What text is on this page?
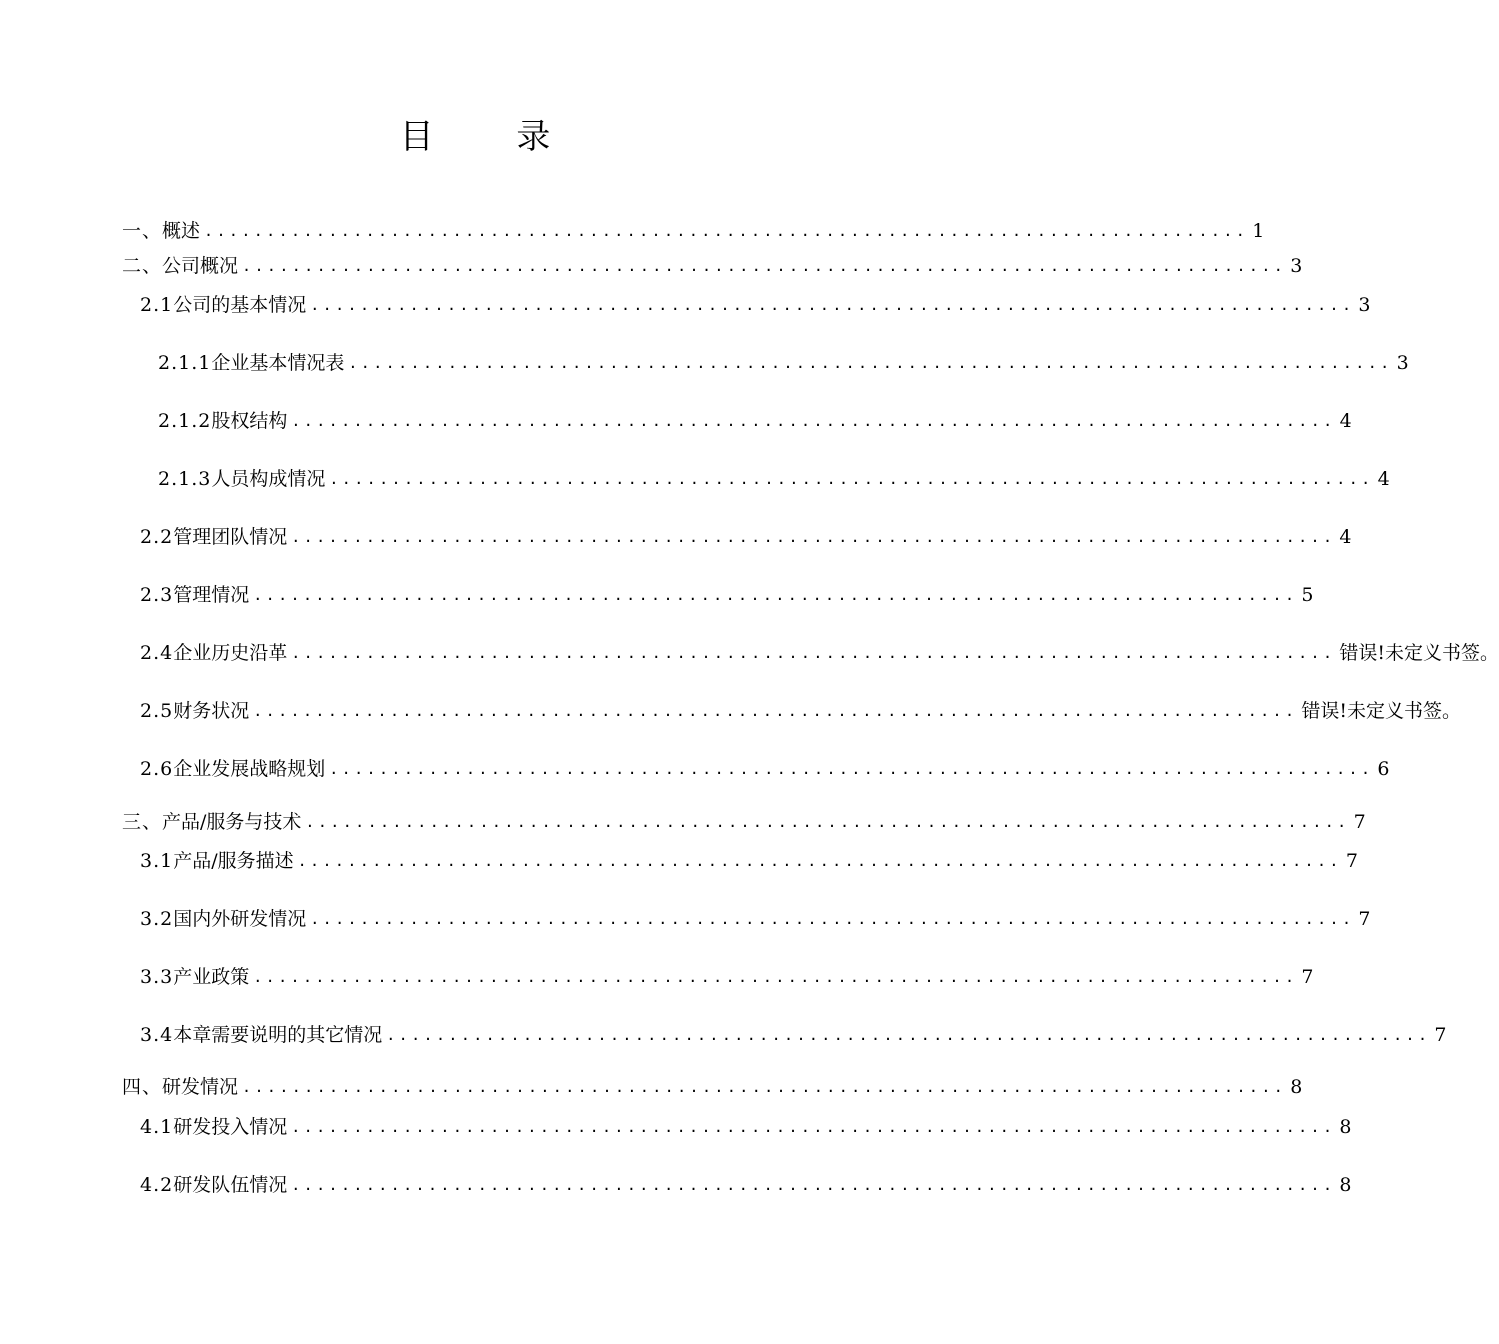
目 录
一、 概述 .................................................................................... 1
二、 公司概况 .................................................................................... 3
2.1 公司的基本情况 .................................................................................... 3
2.1.1 企业基本情况表 .................................................................................... 3
2.1.2 股权结构 .................................................................................... 4
2.1.3 人员构成情况 .................................................................................... 4
2.2 管理团队情况 .................................................................................... 4
2.3 管理情况 .................................................................................... 5
2.4 企业历史沿革 .................................................................................... 错误!未定义书签。
2.5 财务状况 .................................................................................... 错误!未定义书签。
2.6 企业发展战略规划 .................................................................................... 6
三、 产品/服务与技术 .................................................................................... 7
3.1 产品/服务描述 .................................................................................... 7
3.2 国内外研发情况 .................................................................................... 7
3.3 产业政策 .................................................................................... 7
3.4 本章需要说明的其它情况 .................................................................................... 7
四、 研发情况 .................................................................................... 8
4.1 研发投入情况 .................................................................................... 8
4.2 研发队伍情况 .................................................................................... 8
